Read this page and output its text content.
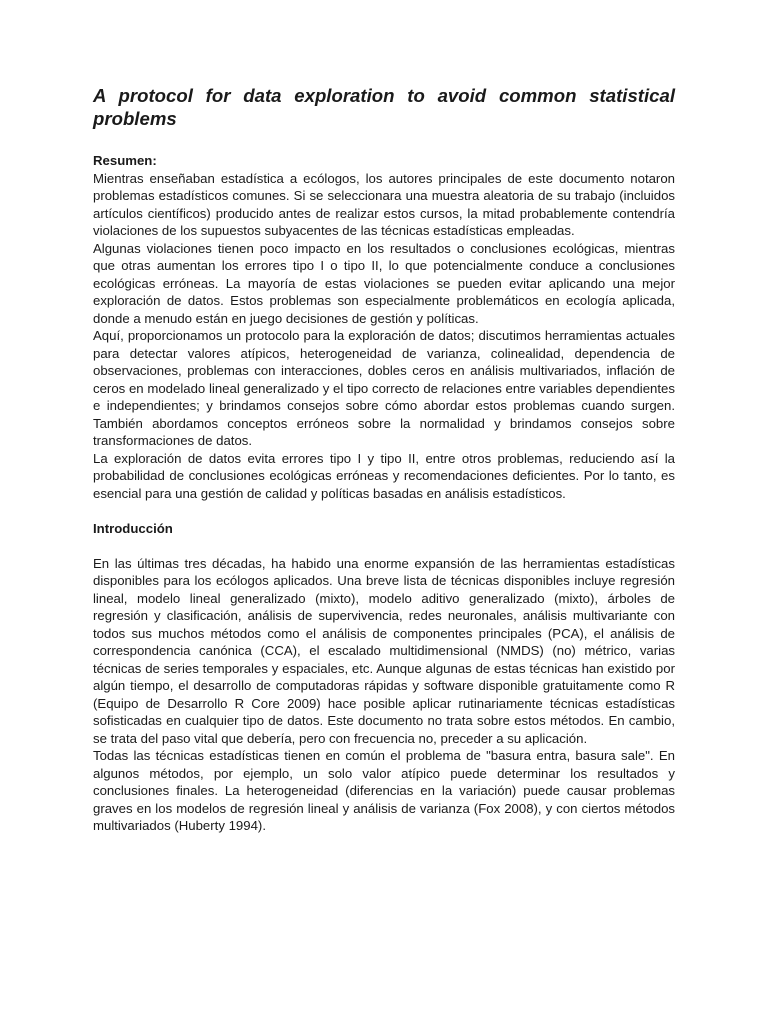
A protocol for data exploration to avoid common statistical problems

Resumen:

Mientras enseñaban estadística a ecólogos, los autores principales de este documento notaron problemas estadísticos comunes. Si se seleccionara una muestra aleatoria de su trabajo (incluidos artículos científicos) producido antes de realizar estos cursos, la mitad probablemente contendría violaciones de los supuestos subyacentes de las técnicas estadísticas empleadas.

Algunas violaciones tienen poco impacto en los resultados o conclusiones ecológicas, mientras que otras aumentan los errores tipo I o tipo II, lo que potencialmente conduce a conclusiones ecológicas erróneas. La mayoría de estas violaciones se pueden evitar aplicando una mejor exploración de datos. Estos problemas son especialmente problemáticos en ecología aplicada, donde a menudo están en juego decisiones de gestión y políticas.

Aquí, proporcionamos un protocolo para la exploración de datos; discutimos herramientas actuales para detectar valores atípicos, heterogeneidad de varianza, colinealidad, dependencia de observaciones, problemas con interacciones, dobles ceros en análisis multivariados, inflación de ceros en modelado lineal generalizado y el tipo correcto de relaciones entre variables dependientes e independientes; y brindamos consejos sobre cómo abordar estos problemas cuando surgen. También abordamos conceptos erróneos sobre la normalidad y brindamos consejos sobre transformaciones de datos.

La exploración de datos evita errores tipo I y tipo II, entre otros problemas, reduciendo así la probabilidad de conclusiones ecológicas erróneas y recomendaciones deficientes. Por lo tanto, es esencial para una gestión de calidad y políticas basadas en análisis estadísticos.

Introducción

En las últimas tres décadas, ha habido una enorme expansión de las herramientas estadísticas disponibles para los ecólogos aplicados. Una breve lista de técnicas disponibles incluye regresión lineal, modelo lineal generalizado (mixto), modelo aditivo generalizado (mixto), árboles de regresión y clasificación, análisis de supervivencia, redes neuronales, análisis multivariante con todos sus muchos métodos como el análisis de componentes principales (PCA), el análisis de correspondencia canónica (CCA), el escalado multidimensional (NMDS) (no) métrico, varias técnicas de series temporales y espaciales, etc. Aunque algunas de estas técnicas han existido por algún tiempo, el desarrollo de computadoras rápidas y software disponible gratuitamente como R (Equipo de Desarrollo R Core 2009) hace posible aplicar rutinariamente técnicas estadísticas sofisticadas en cualquier tipo de datos. Este documento no trata sobre estos métodos. En cambio, se trata del paso vital que debería, pero con frecuencia no, preceder a su aplicación.

Todas las técnicas estadísticas tienen en común el problema de "basura entra, basura sale". En algunos métodos, por ejemplo, un solo valor atípico puede determinar los resultados y conclusiones finales. La heterogeneidad (diferencias en la variación) puede causar problemas graves en los modelos de regresión lineal y análisis de varianza (Fox 2008), y con ciertos métodos multivariados (Huberty 1994).
